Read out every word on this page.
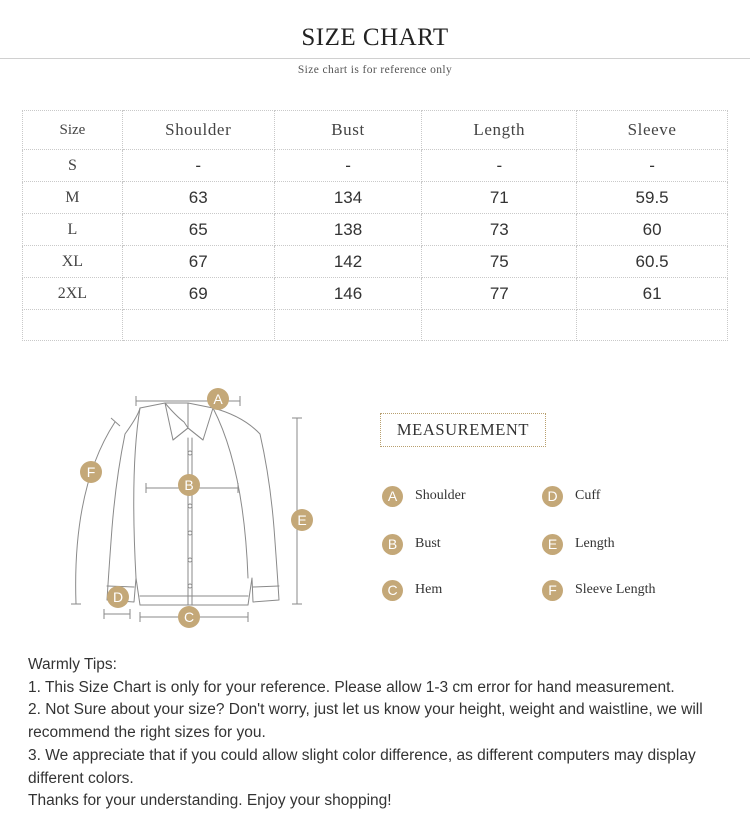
SIZE CHART
Size chart is for reference only
Size	Shoulder	Bust	Length	Sleeve
S	-	-	-	-
M	63	134	71	59.5
L	65	138	73	60
XL	67	142	75	60.5
2XL	69	146	77	61

A
B
C
D
E
F
MEASUREMENT
A	Shoulder
B	Bust
C	Hem
D	Cuff
E	Length
F	Sleeve Length

Warmly Tips:

1. This Size Chart is only for your reference. Please allow 1-3 cm error for hand measurement.

2. Not Sure about your size? Don't worry, just let us know your height, weight and waistline, we will recommend the right sizes for you.

3. We appreciate that if you could allow slight color difference, as different computers may display different colors.

Thanks for your understanding. Enjoy your shopping!
